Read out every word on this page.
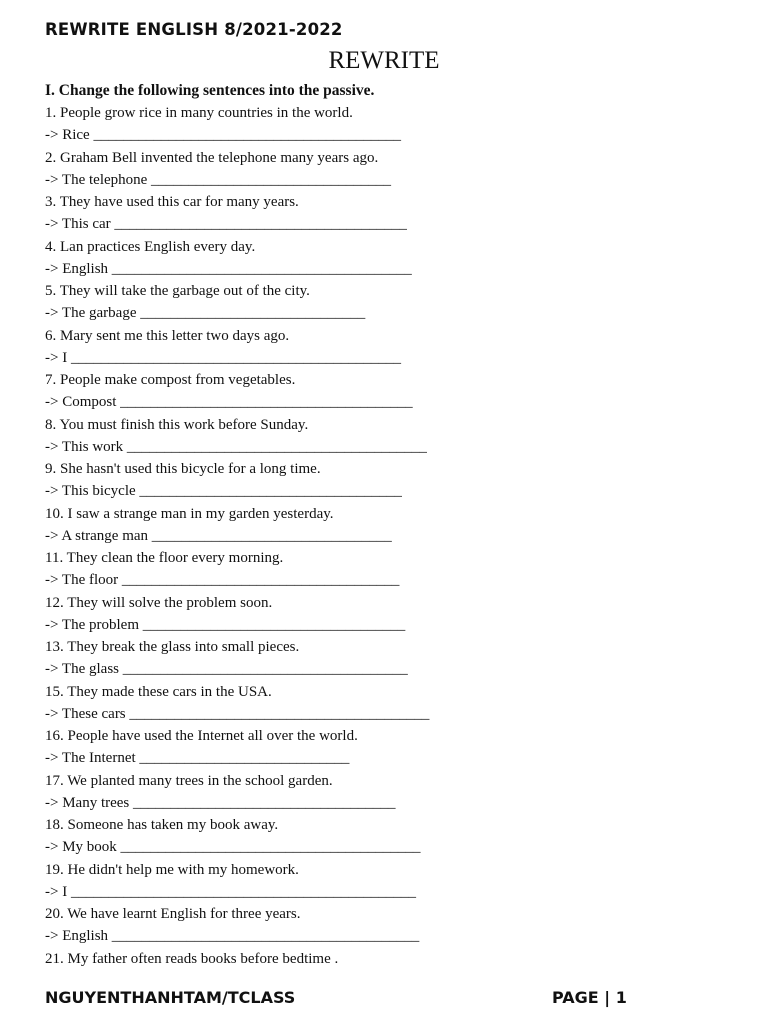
REWRITE ENGLISH 8/2021-2022
REWRITE
I. Change the following sentences into the passive.
1. People grow rice in many countries in the world.
-> Rice _________________________________________
2. Graham Bell invented the telephone many years ago.
-> The telephone ________________________________
3. They have used this car for many years.
-> This car _______________________________________
4. Lan practices English every day.
-> English ________________________________________
5. They will take the garbage out of the city.
-> The garbage ______________________________
6. Mary sent me this letter two days ago.
-> I ____________________________________________
7. People make compost from vegetables.
-> Compost _______________________________________
8. You must finish this work before Sunday.
-> This work ________________________________________
9. She hasn't used this bicycle for a long time.
-> This bicycle ___________________________________
10. I saw a strange man in my garden yesterday.
-> A strange man ________________________________
11. They clean the floor every morning.
-> The floor _____________________________________
12. They will solve the problem soon.
-> The problem ___________________________________
13. They break the glass into small pieces.
-> The glass ______________________________________
15. They made these cars in the USA.
-> These cars ________________________________________
16. People have used the Internet all over the world.
-> The Internet ____________________________
17. We planted many trees in the school garden.
-> Many trees ___________________________________
18. Someone has taken my book away.
-> My book ________________________________________
19. He didn't help me with my homework.
-> I ______________________________________________
20. We have learnt English for three years.
-> English _________________________________________
21. My father often reads books before bedtime .
NGUYENTHANHTAM/TCLASS	PAGE | 1
